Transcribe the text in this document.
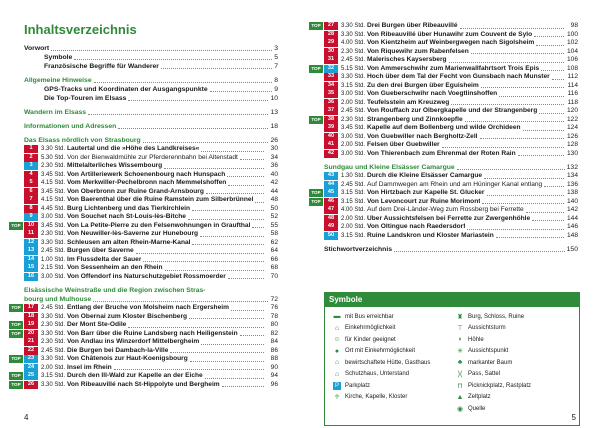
Inhaltsverzeichnis
Vorwort	3
Symbole	5
Französische Begriffe für Wanderer	7
Allgemeine Hinweise	8
GPS-Tracks und Koordinaten der Ausgangspunkte	9
Die Top-Touren im Elsass	10
Wandern im Elsass	13
Informationen und Adressen	18
Das Elsass nördlich von Strasbourg	26
1	3.30 Std. Lautertal und die »Höhe des Landkreises«	30
2	5.30 Std. Von der Bienwaldmühle zur Pferderennbahn bei Altenstadt	34
3	2.30 Std. Mittelalterliches Wissembourg	36
4	3.45 Std. Von Artilleriewerk Schoenenbourg nach Hunspach	40
5	4.15 Std. Vom Merkwiller-Pechelbronn nach Memmelshoffen	42
6	3.45 Std. Von Oberbronn zur Ruine Grand-Arnsbourg	44
7	4.15 Std. Von Baerenthal über die Ruine Ramstein zum Silberbrünnel	48
8	4.45 Std. Burg Lichtenberg und das Tierkirchlein	50
9	3.00 Std. Von Souchet nach St-Louis-lès-Bitche	52
TOP	10	3.45 Std. Von La Petite-Pierre zu den Felsenwohnungen in Graufthal	55
11	2.30 Std. Von Neuwiller-lès-Saverne zur Hunebourg	58
12	3.30 Std. Schleusen am alten Rhein-Marne-Kanal	62
13	2.45 Std. Burgen über Saverne	64
14	1.00 Std. Im Flussdelta der Sauer	66
15	2.15 Std. Von Sessenheim an den Rhein	68
16	3.00 Std. Von Offendorf ins Naturschutzgebiet Rossmoerder	70
Elsässische Weinstraße und die Region zwischen Stras-
bourg und Mulhouse	72
TOP	17	2.45 Std. Entlang der Bruche von Molsheim nach Ergersheim	76
18	3.30 Std. Von Obernai zum Kloster Bischenberg	78
TOP	19	2.30 Std. Der Mont Ste-Odile	80
TOP	20	3.30 Std. Von Barr über die Ruine Landsberg nach Heiligenstein	82
21	2.30 Std. Von Andlau ins Winzerdorf Mittelbergheim	84
22	2.45 Std. Die Burgen bei Dambach-la-Ville	86
TOP	23	3.30 Std. Von Châtenois zur Haut-Koenigsbourg	88
24	2.00 Std. Insel im Rhein	90
TOP	25	3.15 Std. Durch den Ill-Wald zur Kapelle an der Eiche	94
TOP	26	3.30 Std. Von Ribeauvillé nach St-Hippolyte und Bergheim	96
4
TOP	27	3.30 Std. Drei Burgen über Ribeauvillé	98
28	3.30 Std. Von Ribeauvillé über Hunawihr zum Couvent de Sylo	100
29	4.00 Std. Von Kientzheim auf Weinbergwegen nach Sigolsheim	102
30	2.30 Std. Von Riquewihr zum Rabenfelsen	104
31	2.45 Std. Malerisches Kaysersberg	106
TOP	32	5.15 Std. Von Ammerschwihr zum Marienwallfahrtsort Trois Épis	108
33	3.30 Std. Hoch über dem Tal der Fecht von Gunsbach nach Munster	112
34	3.15 Std. Zu den drei Burgen über Eguisheim	114
35	3.00 Std. Von Gueberschwihr nach Voegtlinshoffen	116
36	2.00 Std. Teufelsstein am Kreuzweg	118
37	2.45 Std. Von Rouffach zur Ölbergkapelle und der Strangenberg	120
TOP	38	2.30 Std. Strangenberg und Zinnkoepfle	122
39	3.45 Std. Kapelle auf dem Bollenberg und wilde Orchideen	124
40	3.00 Std. Von Guebwiller nach Bergholtz-Zell	126
41	2.00 Std. Felsen über Guebwiller	128
42	3.00 Std. Von Thierenbach zum Ehrenmal der Roten Rain	130
Sundgau und Kleine Elsässer Camargue	132
43	1.30 Std. Durch die Kleine Elsässer Camargue	134
44	2.45 Std. Auf Dammwegen am Rhein und am Hüninger Kanal entlang	136
TOP	45	3.15 Std. Von Hirtzbach zur Kapelle St. Glucker	138
TOP	46	3.15 Std. Von Levoncourt zur Ruine Morimont	140
47	4.00 Std. Auf dem Drei-Länder-Weg zum Rossberg bei Ferrette	142
48	2.00 Std. Über Aussichtsfelsen bei Ferrette zur Zwergenhöhle	144
49	2.00 Std. Von Oltingue nach Raedersdorf	146
50	3.15 Std. Ruine Landskron und Kloster Mariastein	148
Stichwortverzeichnis	150
Symbole
▬ mit Bus erreichbar
⌂ Einkehrmöglichkeit
☺ für Kinder geeignet
● Ort mit Einkehrmöglichkeit
⌂ bewirtschaftete Hütte, Gasthaus
⌂ Schutzhaus, Unterstand
P	Parkplatz
♱ Kirche, Kapelle, Kloster
♜ Burg, Schloss, Ruine
⊤ Aussichtsturm
◗ Höhle
✳ Aussichtspunkt
♣ markanter Baum
)( Pass, Sattel
⊓ Picknickplatz, Rastplatz
▲ Zeltplatz
◉ Quelle
5
